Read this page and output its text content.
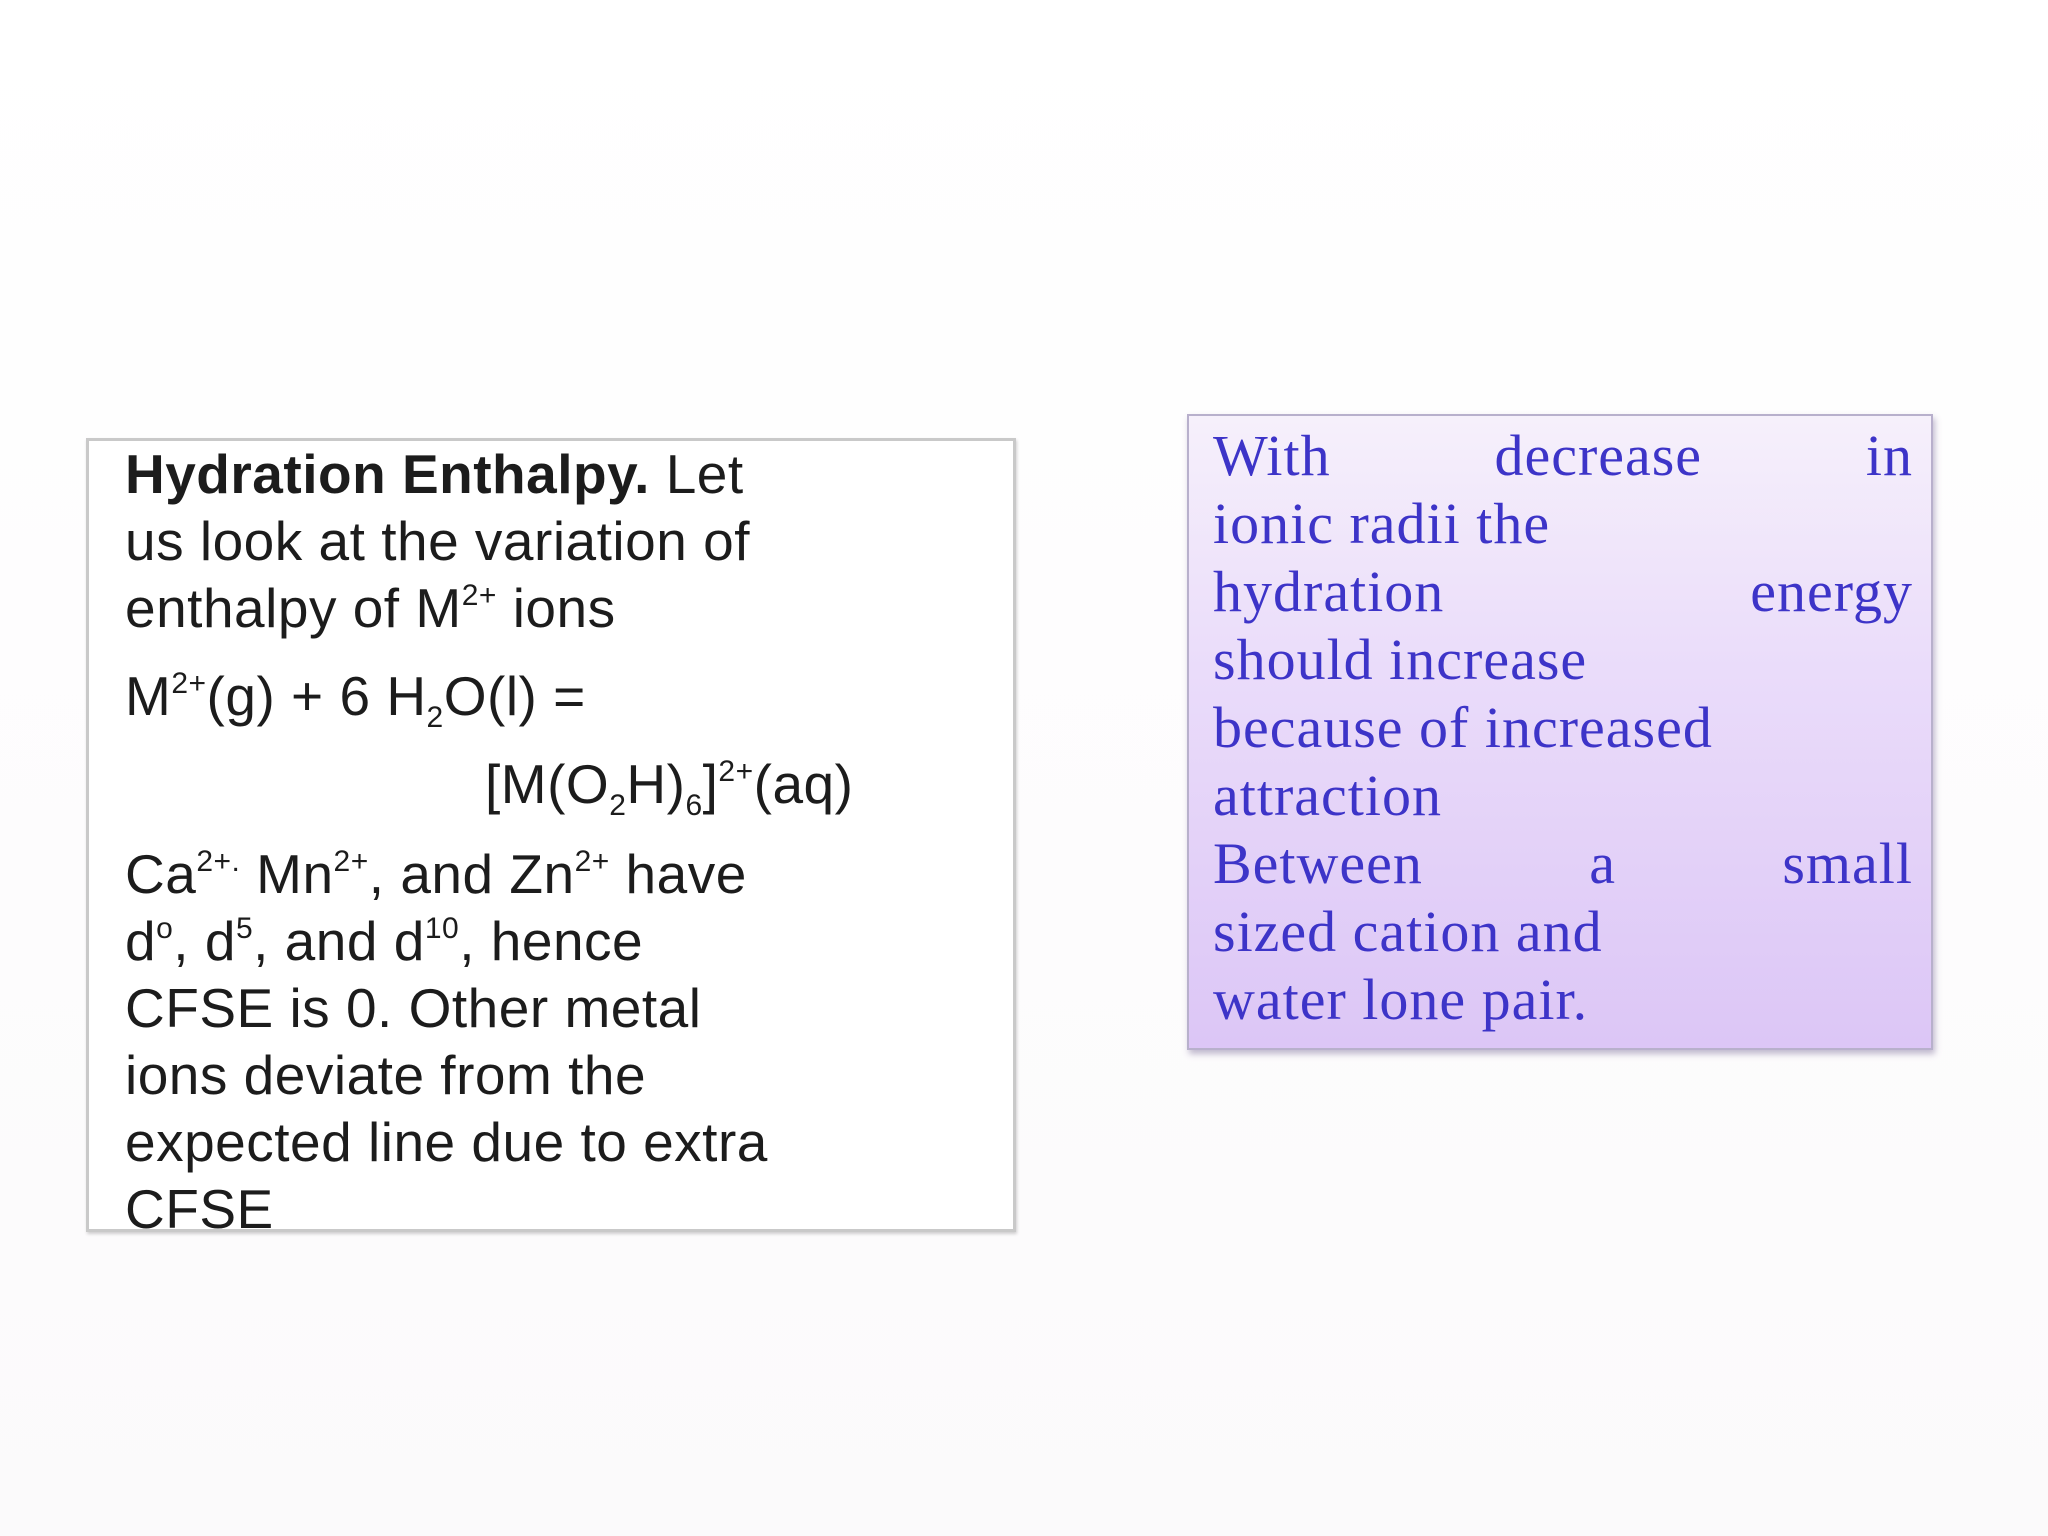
Hydration Enthalpy. Let
us look at the variation of
enthalpy of $M^{2+}$ ions
$M^{2+}(g) + 6$ $H_2O(l)$ =
$[M(O_2H)_6]^{2+}(aq)$
$Ca^{2+.}$ $Mn^{2+}$, and $Zn^{2+}$ have
$d^o$, $d^5$, and $d^{10}$, hence
CFSE is 0. Other metal
ions deviate from the
expected line due to extra
CFSE
With	decrease	in
ionic radii the
hydration	energy
should increase
because of increased
attraction
Between	a	small
sized cation and
water lone pair.
